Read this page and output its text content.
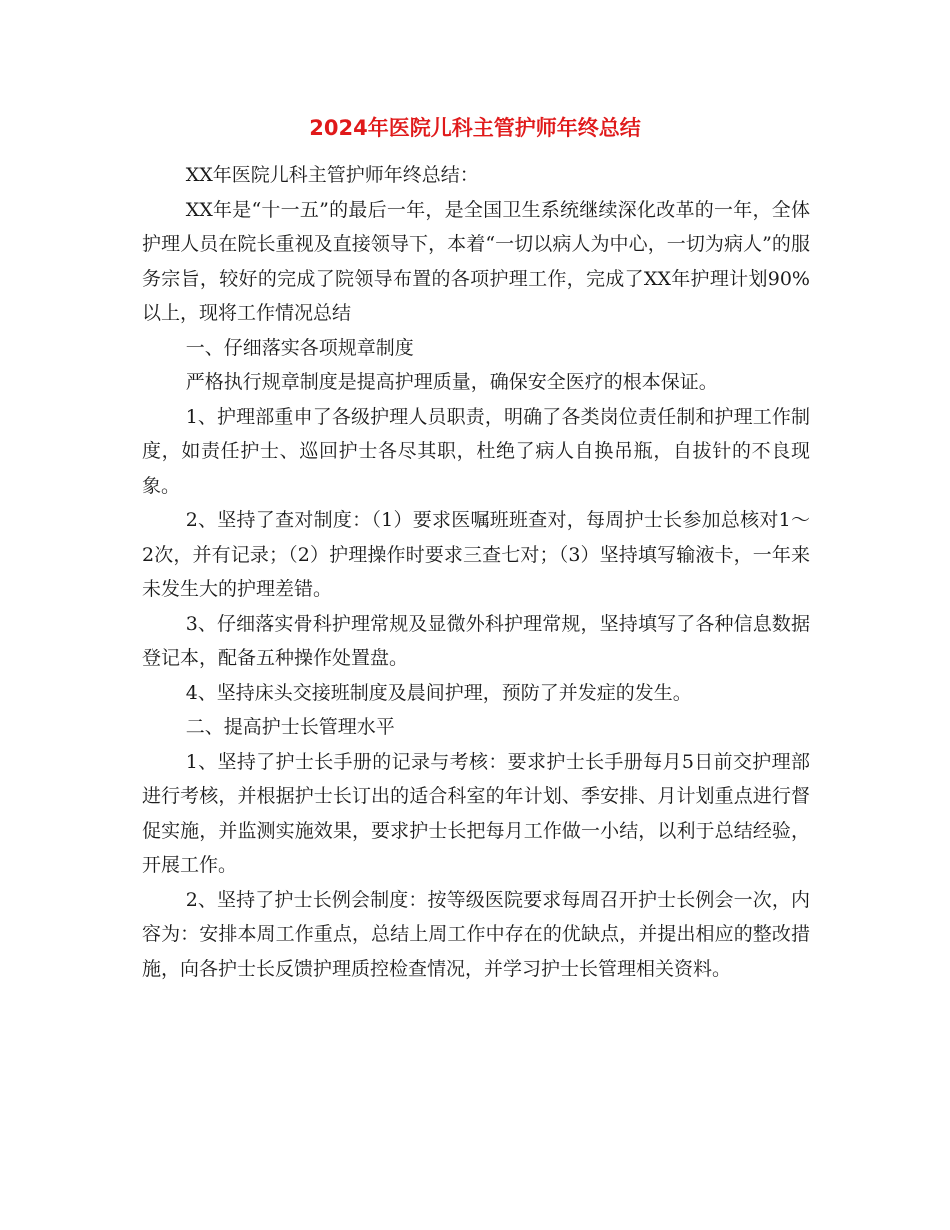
2024年医院儿科主管护师年终总结

XX年医院儿科主管护师年终总结：

XX年是“十一五”的最后一年，是全国卫生系统继续深化改革的一年，全体护理人员在院长重视及直接领导下，本着“一切以病人为中心，一切为病人”的服务宗旨，较好的完成了院领导布置的各项护理工作，完成了XX年护理计划90%以上，现将工作情况总结

一、仔细落实各项规章制度

严格执行规章制度是提高护理质量，确保安全医疗的根本保证。

1、护理部重申了各级护理人员职责，明确了各类岗位责任制和护理工作制度，如责任护士、巡回护士各尽其职，杜绝了病人自换吊瓶，自拔针的不良现象。

2、坚持了查对制度：（1）要求医嘱班班查对，每周护士长参加总核对1～2次，并有记录；（2）护理操作时要求三查七对；（3）坚持填写输液卡，一年来未发生大的护理差错。

3、仔细落实骨科护理常规及显微外科护理常规，坚持填写了各种信息数据登记本，配备五种操作处置盘。

4、坚持床头交接班制度及晨间护理，预防了并发症的发生。

二、提高护士长管理水平

1、坚持了护士长手册的记录与考核：要求护士长手册每月5日前交护理部进行考核，并根据护士长订出的适合科室的年计划、季安排、月计划重点进行督促实施，并监测实施效果，要求护士长把每月工作做一小结，以利于总结经验，开展工作。

2、坚持了护士长例会制度：按等级医院要求每周召开护士长例会一次，内容为：安排本周工作重点，总结上周工作中存在的优缺点，并提出相应的整改措施，向各护士长反馈护理质控检查情况，并学习护士长管理相关资料。
